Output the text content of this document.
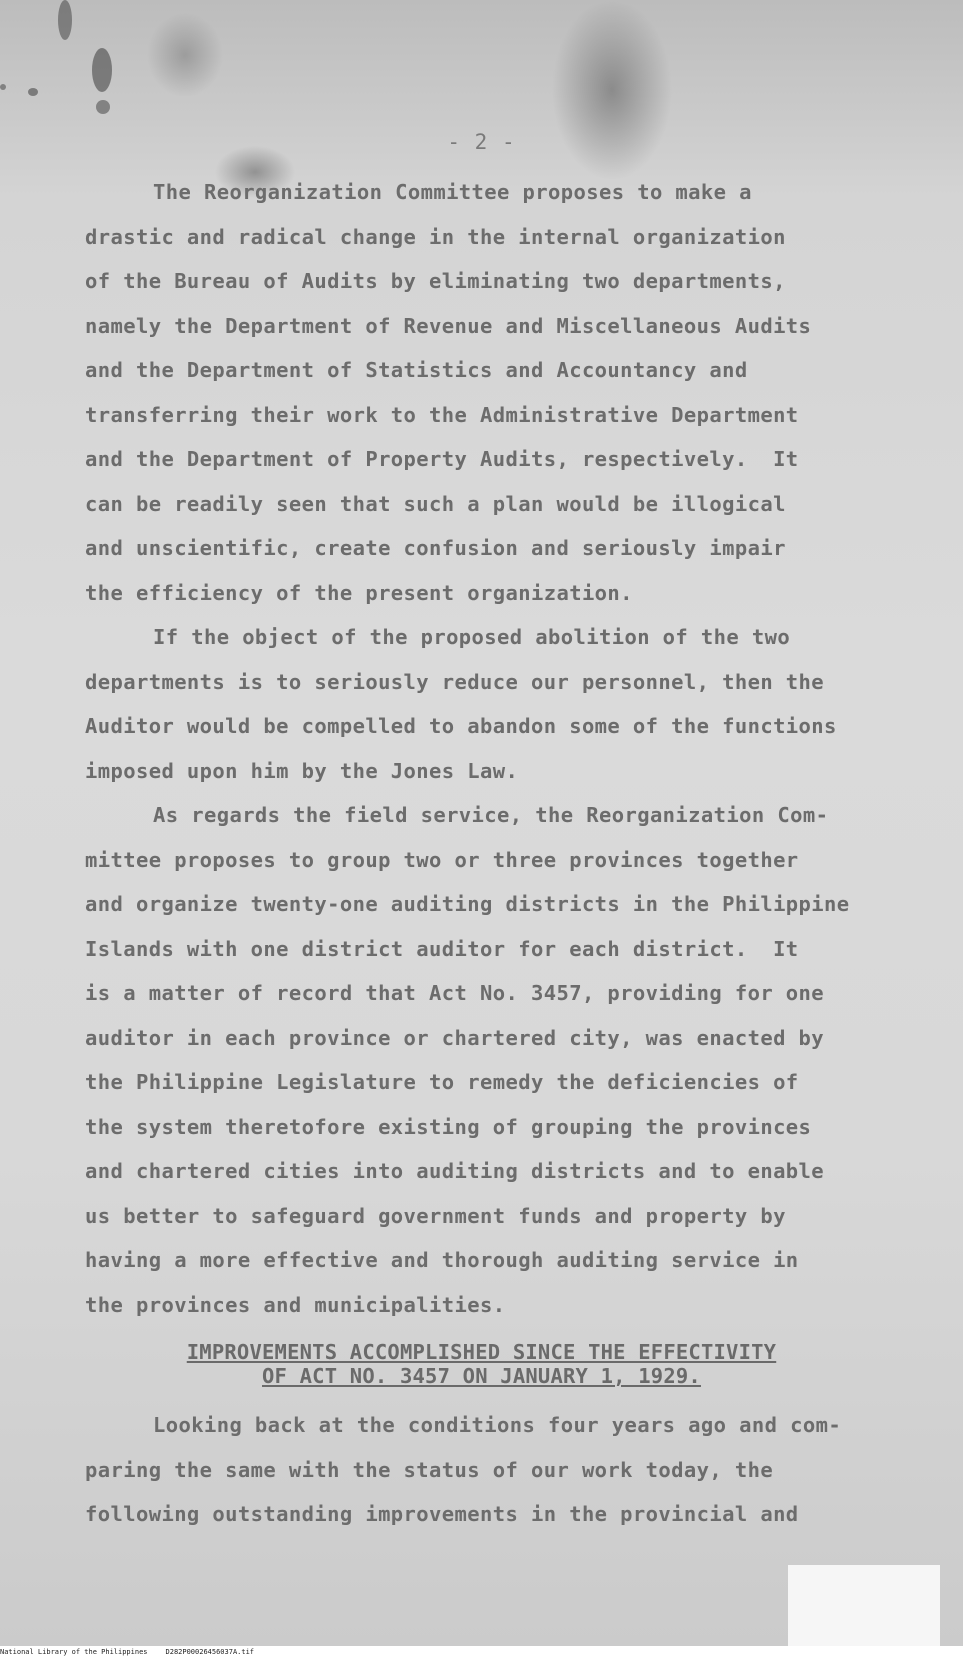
- 2 -
The Reorganization Committee proposes to make a
drastic and radical change in the internal organization
of the Bureau of Audits by eliminating two departments,
namely the Department of Revenue and Miscellaneous Audits
and the Department of Statistics and Accountancy and
transferring their work to the Administrative Department
and the Department of Property Audits, respectively.  It
can be readily seen that such a plan would be illogical
and unscientific, create confusion and seriously impair
the efficiency of the present organization.
If the object of the proposed abolition of the two
departments is to seriously reduce our personnel, then the
Auditor would be compelled to abandon some of the functions
imposed upon him by the Jones Law.
As regards the field service, the Reorganization Com-
mittee proposes to group two or three provinces together
and organize twenty-one auditing districts in the Philippine
Islands with one district auditor for each district.  It
is a matter of record that Act No. 3457, providing for one
auditor in each province or chartered city, was enacted by
the Philippine Legislature to remedy the deficiencies of
the system theretofore existing of grouping the provinces
and chartered cities into auditing districts and to enable
us better to safeguard government funds and property by
having a more effective and thorough auditing service in
the provinces and municipalities.
IMPROVEMENTS ACCOMPLISHED SINCE THE EFFECTIVITY
OF ACT NO. 3457 ON JANUARY 1, 1929.
Looking back at the conditions four years ago and com-
paring the same with the status of our work today, the
following outstanding improvements in the provincial and
National Library of the Philippines	D282P00026456037A.tif
